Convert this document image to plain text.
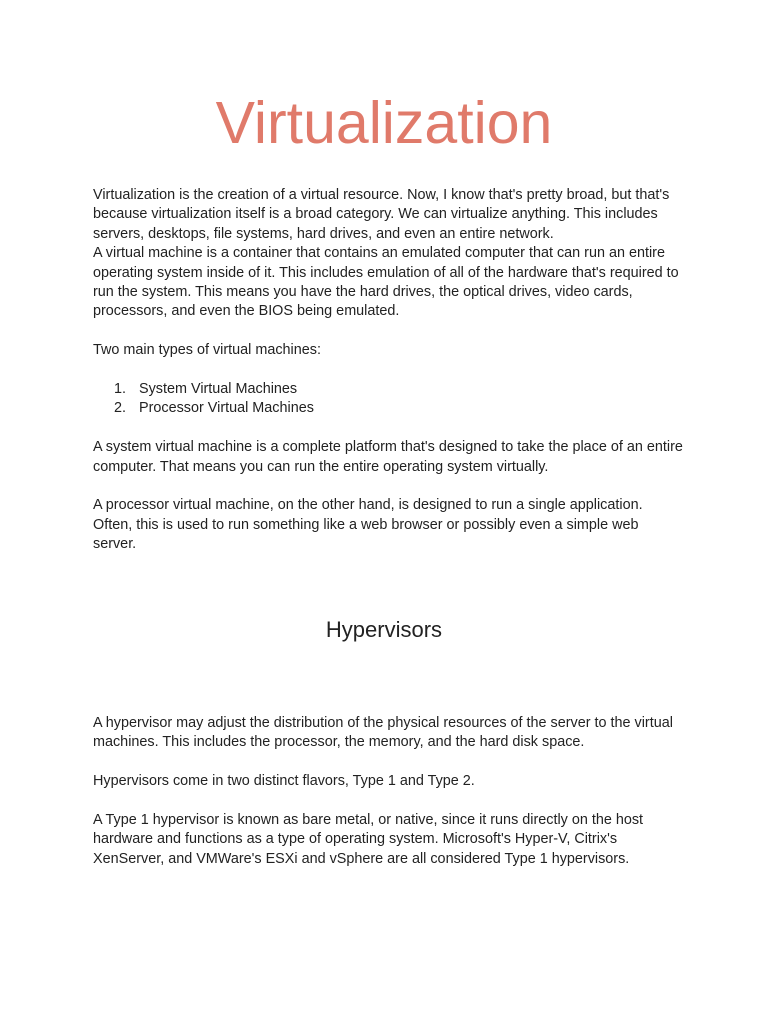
Virtualization

Virtualization is the creation of a virtual resource. Now, I know that's pretty broad, but that's because virtualization itself is a broad category. We can virtualize anything. This includes servers, desktops, file systems, hard drives, and even an entire network.

A virtual machine is a container that contains an emulated computer that can run an entire operating system inside of it. This includes emulation of all of the hardware that's required to run the system. This means you have the hard drives, the optical drives, video cards, processors, and even the BIOS being emulated.

Two main types of virtual machines:

1. System Virtual Machines
2. Processor Virtual Machines

A system virtual machine is a complete platform that's designed to take the place of an entire computer. That means you can run the entire operating system virtually.

A processor virtual machine, on the other hand, is designed to run a single application. Often, this is used to run something like a web browser or possibly even a simple web server.

Hypervisors

A hypervisor may adjust the distribution of the physical resources of the server to the virtual machines. This includes the processor, the memory, and the hard disk space.

Hypervisors come in two distinct flavors, Type 1 and Type 2.

A Type 1 hypervisor is known as bare metal, or native, since it runs directly on the host hardware and functions as a type of operating system. Microsoft's Hyper-V, Citrix's XenServer, and VMWare's ESXi and vSphere are all considered Type 1 hypervisors.
